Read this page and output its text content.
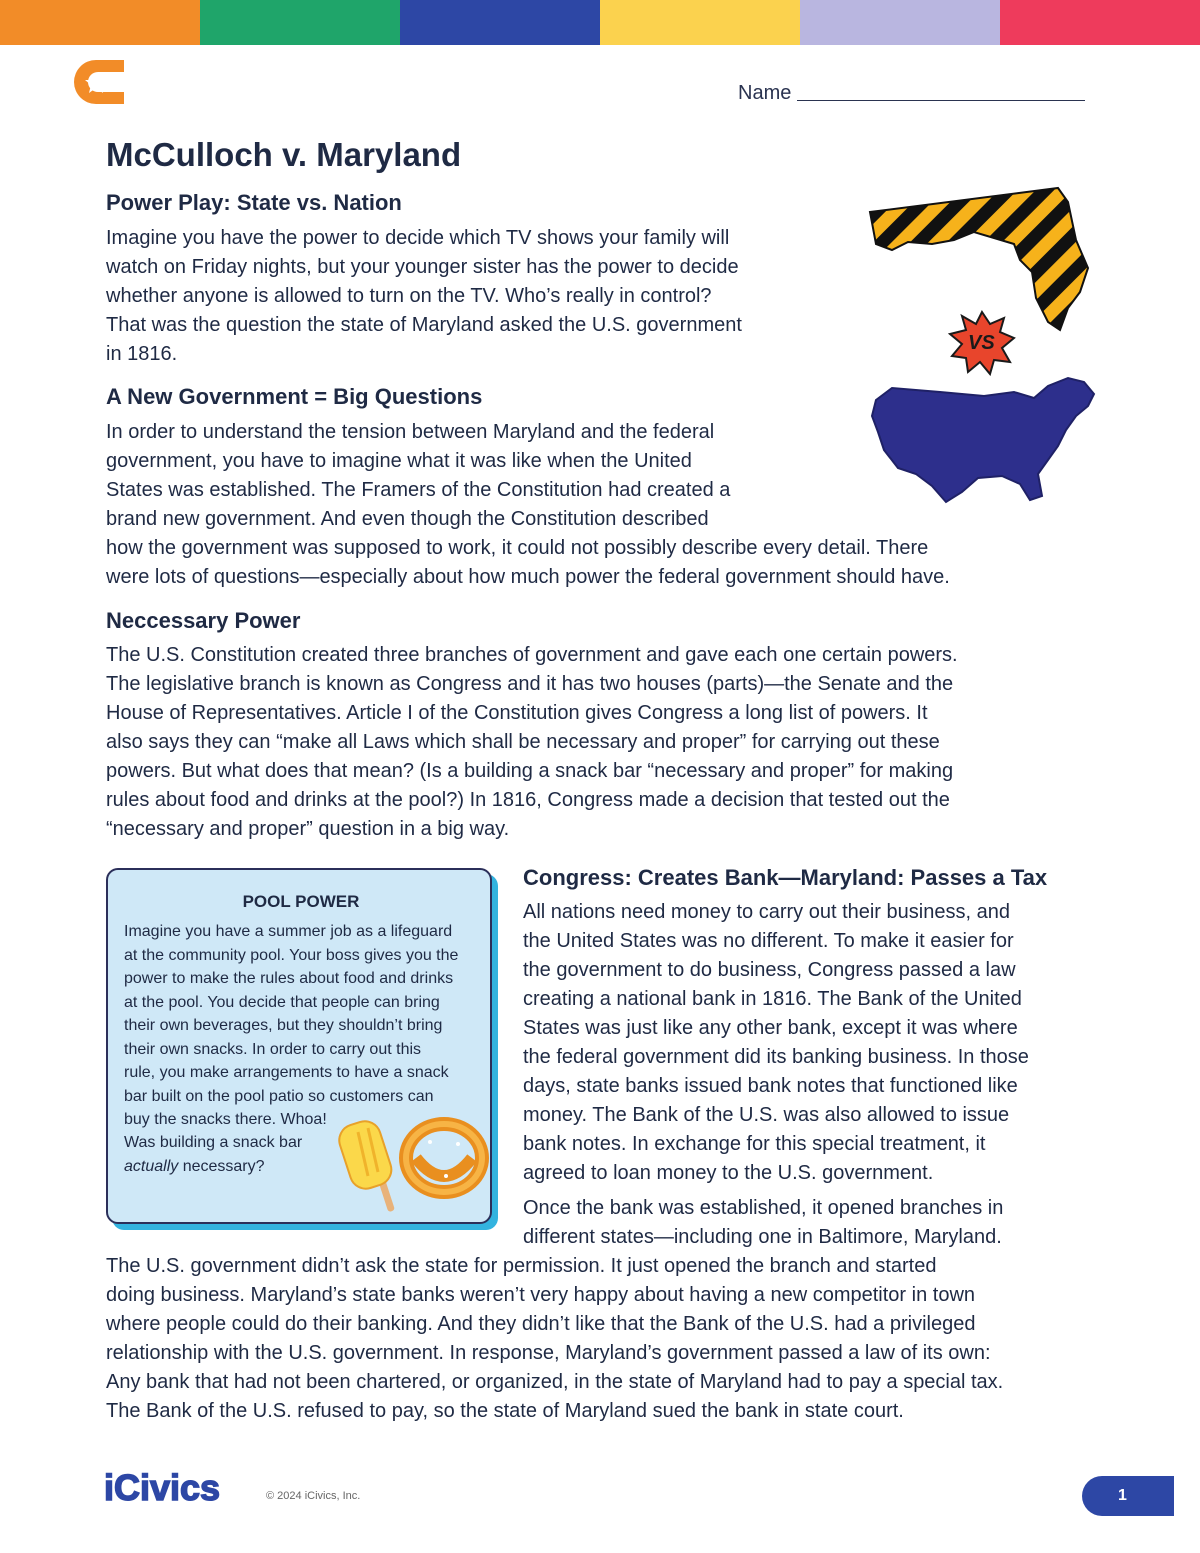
Name
McCulloch v. Maryland
Power Play: State vs. Nation

Imagine you have the power to decide which TV shows your family will
watch on Friday nights, but your younger sister has the power to decide
whether anyone is allowed to turn on the TV. Who’s really in control?
That was the question the state of Maryland asked the U.S. government
in 1816.

A New Government = Big Questions

In order to understand the tension between Maryland and the federal
government, you have to imagine what it was like when the United
States was established. The Framers of the Constitution had created a
brand new government. And even though the Constitution described
how the government was supposed to work, it could not possibly describe every detail. There
were lots of questions—especially about how much power the federal government should have.

Neccessary Power

The U.S. Constitution created three branches of government and gave each one certain powers.
The legislative branch is known as Congress and it has two houses (parts)—the Senate and the
House of Representatives. Article I of the Constitution gives Congress a long list of powers. It
also says they can “make all Laws which shall be necessary and proper” for carrying out these
powers. But what does that mean? (Is a building a snack bar “necessary and proper” for making
rules about food and drinks at the pool?) In 1816, Congress made a decision that tested out the
“necessary and proper” question in a big way.

VS
POOL POWER

Imagine you have a summer job as a lifeguard
at the community pool. Your boss gives you the
power to make the rules about food and drinks
at the pool. You decide that people can bring
their own beverages, but they shouldn’t bring
their own snacks. In order to carry out this
rule, you make arrangements to have a snack
bar built on the pool patio so customers can
buy the snacks there. Whoa!

Was building a snack bar
actually necessary?

Congress: Creates Bank—Maryland: Passes a Tax

All nations need money to carry out their business, and
the United States was no different. To make it easier for
the government to do business, Congress passed a law
creating a national bank in 1816. The Bank of the United
States was just like any other bank, except it was where
the federal government did its banking business. In those
days, state banks issued bank notes that functioned like
money. The Bank of the U.S. was also allowed to issue
bank notes. In exchange for this special treatment, it
agreed to loan money to the U.S. government.

Once the bank was established, it opened branches in
different states—including one in Baltimore, Maryland.

The U.S. government didn’t ask the state for permission. It just opened the branch and started
doing business. Maryland’s state banks weren’t very happy about having a new competitor in town
where people could do their banking. And they didn’t like that the Bank of the U.S. had a privileged
relationship with the U.S. government. In response, Maryland’s government passed a law of its own:
Any bank that had not been chartered, or organized, in the state of Maryland had to pay a special tax.
The Bank of the U.S. refused to pay, so the state of Maryland sued the bank in state court.

iCivics	© 2024 iCivics, Inc.	1
